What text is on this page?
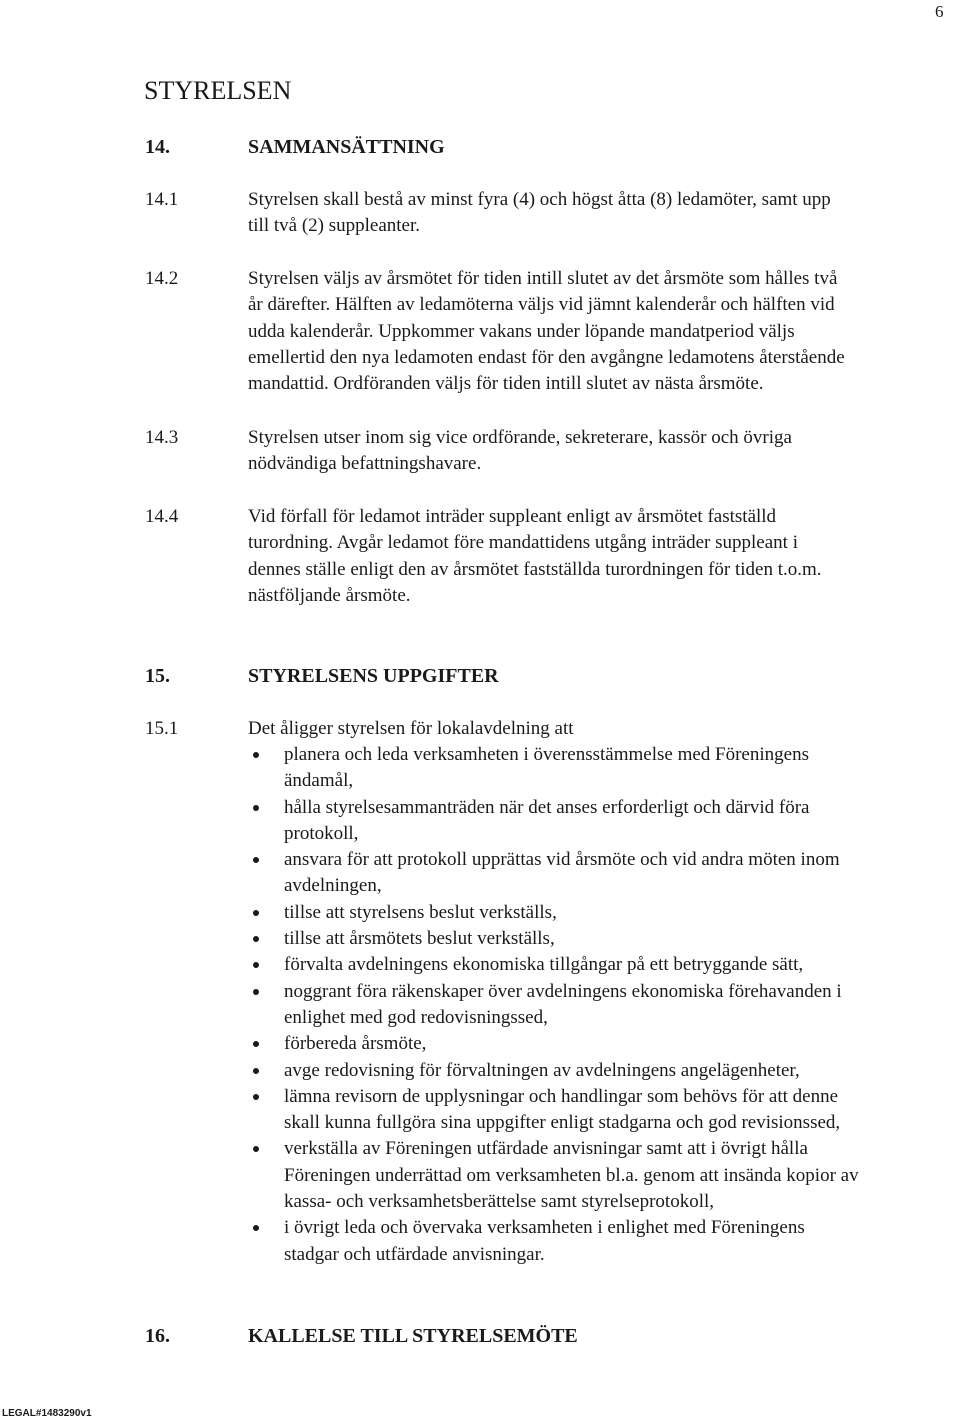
6
STYRELSEN
14.	SAMMANSÄTTNING
14.1	Styrelsen skall bestå av minst fyra (4) och högst åtta (8) ledamöter, samt upp
till två (2) suppleanter.
14.2	Styrelsen väljs av årsmötet för tiden intill slutet av det årsmöte som hålles två
år därefter. Hälften av ledamöterna väljs vid jämnt kalenderår och hälften vid
udda kalenderår. Uppkommer vakans under löpande mandatperiod väljs
emellertid den nya ledamoten endast för den avgångne ledamotens återstående
mandattid. Ordföranden väljs för tiden intill slutet av nästa årsmöte.
14.3	Styrelsen utser inom sig vice ordförande, sekreterare, kassör och övriga
nödvändiga befattningshavare.
14.4	Vid förfall för ledamot inträder suppleant enligt av årsmötet fastställd
turordning. Avgår ledamot före mandattidens utgång inträder suppleant i
dennes ställe enligt den av årsmötet fastställda turordningen för tiden t.o.m.
nästföljande årsmöte.
15.	STYRELSENS UPPGIFTER
15.1	Det åligger styrelsen för lokalavdelning att
planera och leda verksamheten i överensstämmelse med Föreningens
ändamål,
hålla styrelsesammanträden när det anses erforderligt och därvid föra
protokoll,
ansvara för att protokoll upprättas vid årsmöte och vid andra möten inom
avdelningen,
tillse att styrelsens beslut verkställs,
tillse att årsmötets beslut verkställs,
förvalta avdelningens ekonomiska tillgångar på ett betryggande sätt,
noggrant föra räkenskaper över avdelningens ekonomiska förehavanden i
enlighet med god redovisningssed,
förbereda årsmöte,
avge redovisning för förvaltningen av avdelningens angelägenheter,
lämna revisorn de upplysningar och handlingar som behövs för att denne
skall kunna fullgöra sina uppgifter enligt stadgarna och god revisionssed,
verkställa av Föreningen utfärdade anvisningar samt att i övrigt hålla
Föreningen underrättad om verksamheten bl.a. genom att insända kopior av
kassa- och verksamhetsberättelse samt styrelseprotokoll,
i övrigt leda och övervaka verksamheten i enlighet med Föreningens
stadgar och utfärdade anvisningar.
16.	KALLELSE TILL STYRELSEMÖTE
LEGAL#1483290v1
